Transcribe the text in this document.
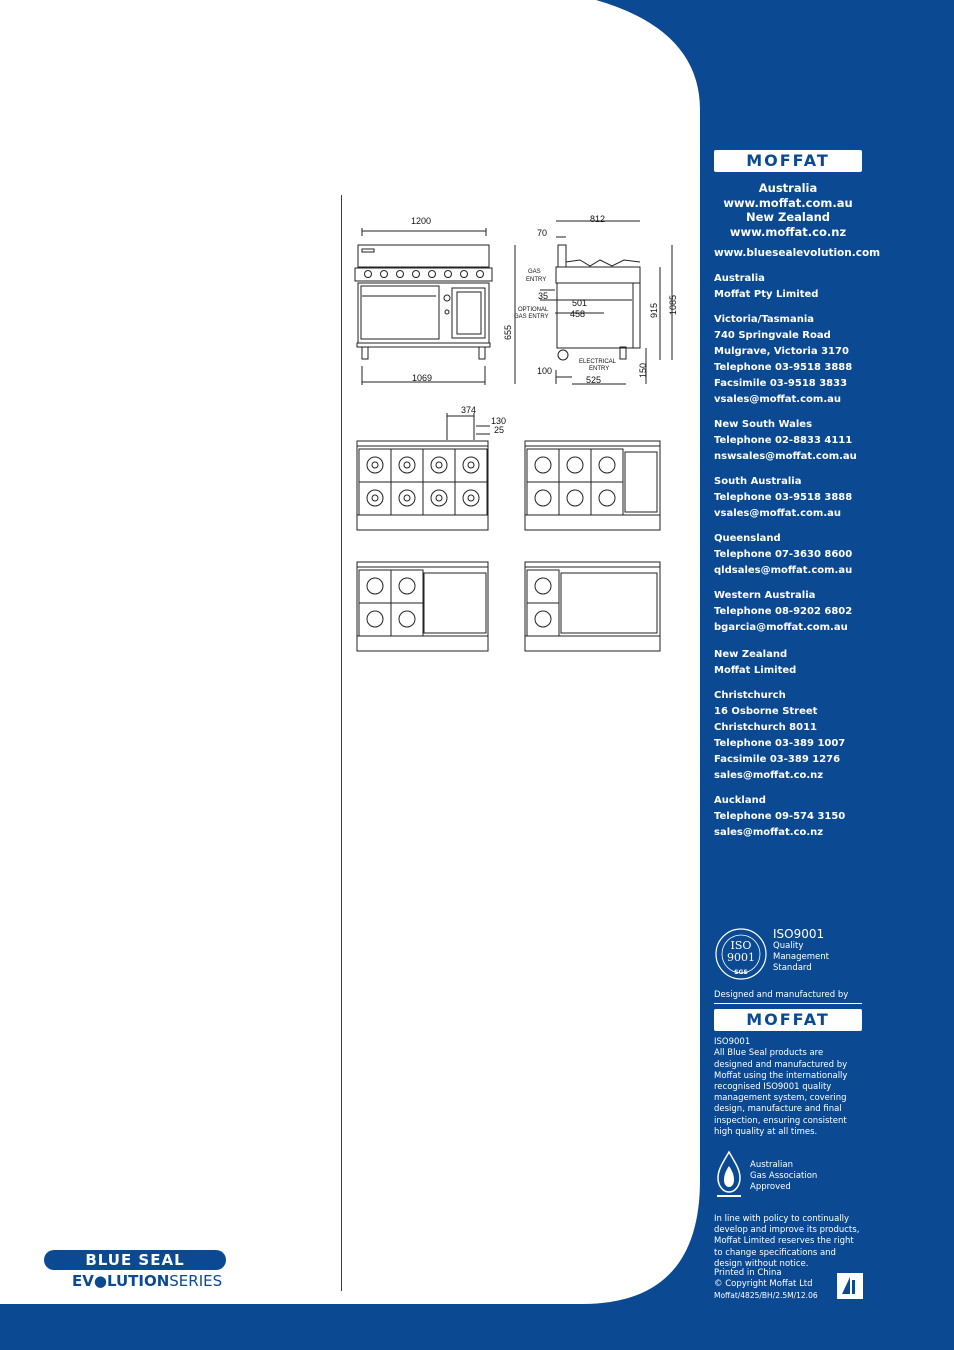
1200
1069
812
70
GAS
ENTRY
35
501
OPTIONAL
GAS ENTRY 458
655
915 1085
ELECTRICAL
ENTRY
100
525
150
374
130
25
BLUE SEAL
EV●LUTIONSERIES
MOFFAT
Australia
www.moffat.com.au
New Zealand
www.moffat.co.nz
www.bluesealevolution.com
Australia
Moffat Pty Limited
Victoria/Tasmania
740 Springvale Road
Mulgrave, Victoria 3170
Telephone 03-9518 3888
Facsimile 03-9518 3833
vsales@moffat.com.au
New South Wales
Telephone 02-8833 4111
nswsales@moffat.com.au
South Australia
Telephone 03-9518 3888
vsales@moffat.com.au
Queensland
Telephone 07-3630 8600
qldsales@moffat.com.au
Western Australia
Telephone 08-9202 6802
bgarcia@moffat.com.au
New Zealand
Moffat Limited
Christchurch
16 Osborne Street
Christchurch 8011
Telephone 03-389 1007
Facsimile 03-389 1276
sales@moffat.co.nz
Auckland
Telephone 09-574 3150
sales@moffat.co.nz
ISO
9001
SGS
ISO9001
Quality
Management
Standard
Designed and manufactured by
MOFFAT
ISO9001
All Blue Seal products are
designed and manufactured by
Moffat using the internationally
recognised ISO9001 quality
management system, covering
design, manufacture and final
inspection, ensuring consistent
high quality at all times.
Australian
Gas Association
Approved
In line with policy to continually
develop and improve its products,
Moffat Limited reserves the right
to change specifications and
design without notice.
Printed in China
© Copyright Moffat Ltd
Moffat/4825/BH/2.5M/12.06
